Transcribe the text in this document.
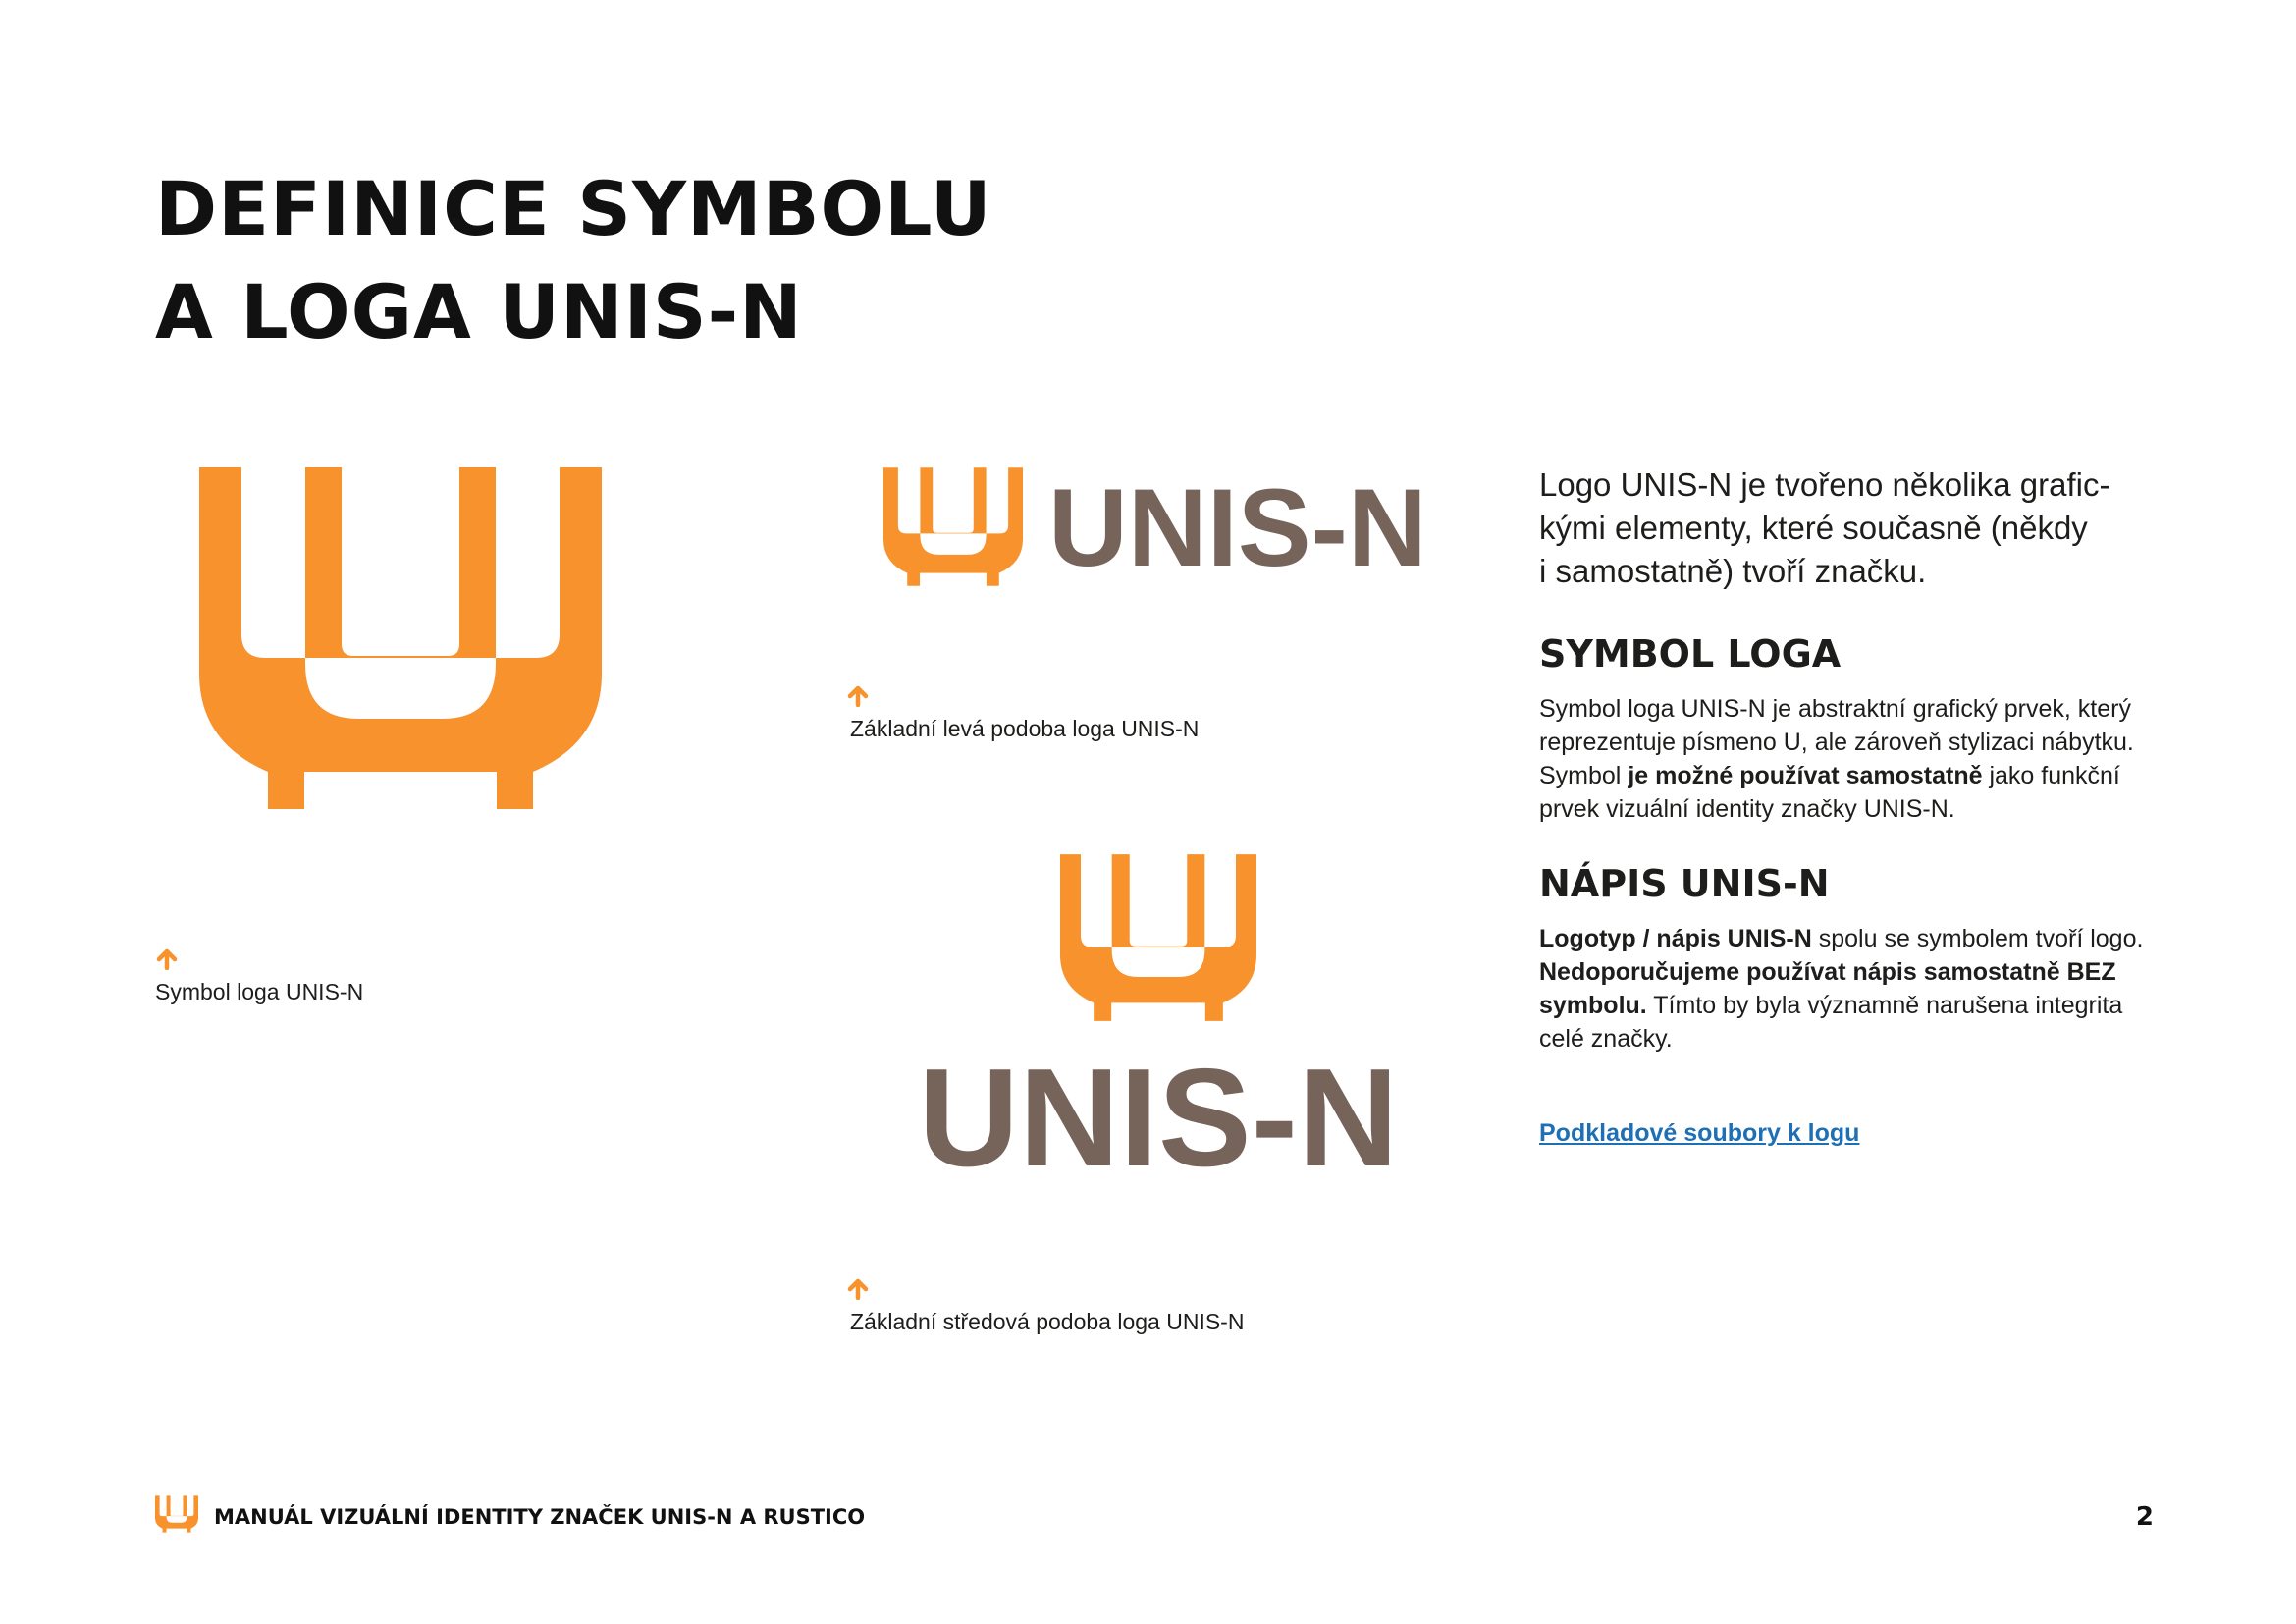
DEFINICE SYMBOLU
A LOGA UNIS-N
Symbol loga UNIS-N
UNIS-N
Základní levá podoba loga UNIS-N
UNIS-N
Základní středová podoba loga UNIS-N

Logo UNIS-N je tvořeno několika grafic-
kými elementy, které současně (někdy
i samostatně) tvoří značku.

SYMBOL LOGA

Symbol loga UNIS-N je abstraktní grafický prvek, který
reprezentuje písmeno U, ale zároveň stylizaci nábytku.
Symbol je možné používat samostatně jako funkční
prvek vizuální identity značky UNIS-N.

NÁPIS UNIS-N

Logotyp / nápis UNIS-N spolu se symbolem tvoří logo.
Nedoporučujeme používat nápis samostatně BEZ
symbolu. Tímto by byla významně narušena integrita
celé značky.

Podkladové soubory k logu
MANUÁL VIZUÁLNÍ IDENTITY ZNAČEK UNIS-N A RUSTICO	2
